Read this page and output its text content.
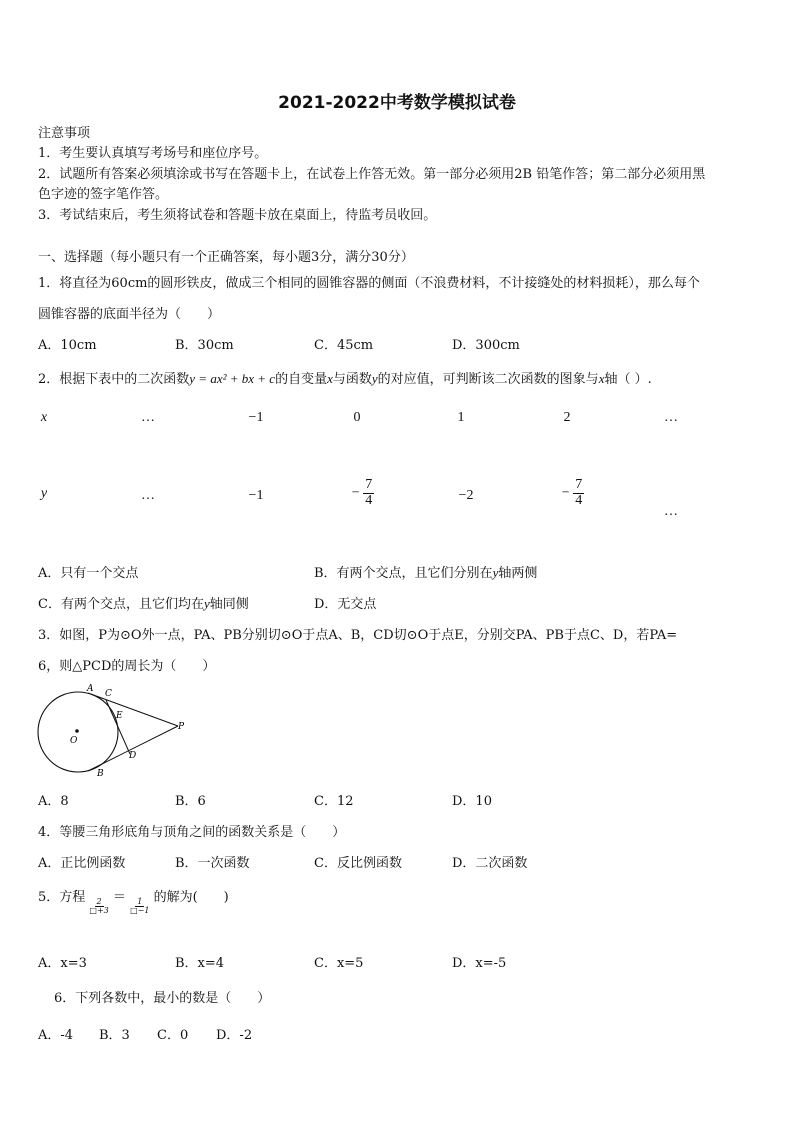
2021-2022中考数学模拟试卷
注意事项
1．考生要认真填写考场号和座位序号。
2．试题所有答案必须填涂或书写在答题卡上，在试卷上作答无效。第一部分必须用2B 铅笔作答；第二部分必须用黑
色字迹的签字笔作答。
3．考试结束后，考生须将试卷和答题卡放在桌面上，待监考员收回。
一、选择题（每小题只有一个正确答案，每小题3分，满分30分）
1．将直径为60cm的圆形铁皮，做成三个相同的圆锥容器的侧面（不浪费材料，不计接缝处的材料损耗），那么每个
圆锥容器的底面半径为（　　）
A．10cm	B．30cm	C．45cm	D．300cm
2．根据下表中的二次函数y = ax² + bx + c的自变量x与函数y的对应值，可判断该二次函数的图象与x轴（ ）.
x	…	−1	0	1	2	…
y	…	−1	− $\frac{7}{4}$	−2	− $\frac{7}{4}$
…
A．只有一个交点	B．有两个交点，且它们分别在y轴两侧
C．有两个交点，且它们均在y轴同侧	D．无交点
3．如图，P为⊙O外一点，PA、PB分别切⊙O于点A、B，CD切⊙O于点E，分别交PA、PB于点C、D，若PA=
6，则△PCD的周长为（　　）
A C
E
O
P
D
B
A．8	B．6	C．12	D．10
4．等腰三角形底角与顶角之间的函数关系是（　　）
A．正比例函数	B．一次函数	C．反比例函数	D．二次函数
5．方程
$\frac{2}{□+3}$
＝
$\frac{1}{□-1}$
的解为(　　)
A．x=3	B．x=4	C．x=5	D．x=-5
6．下列各数中，最小的数是（　　）
A．-4 B．3 C．0 D．-2
